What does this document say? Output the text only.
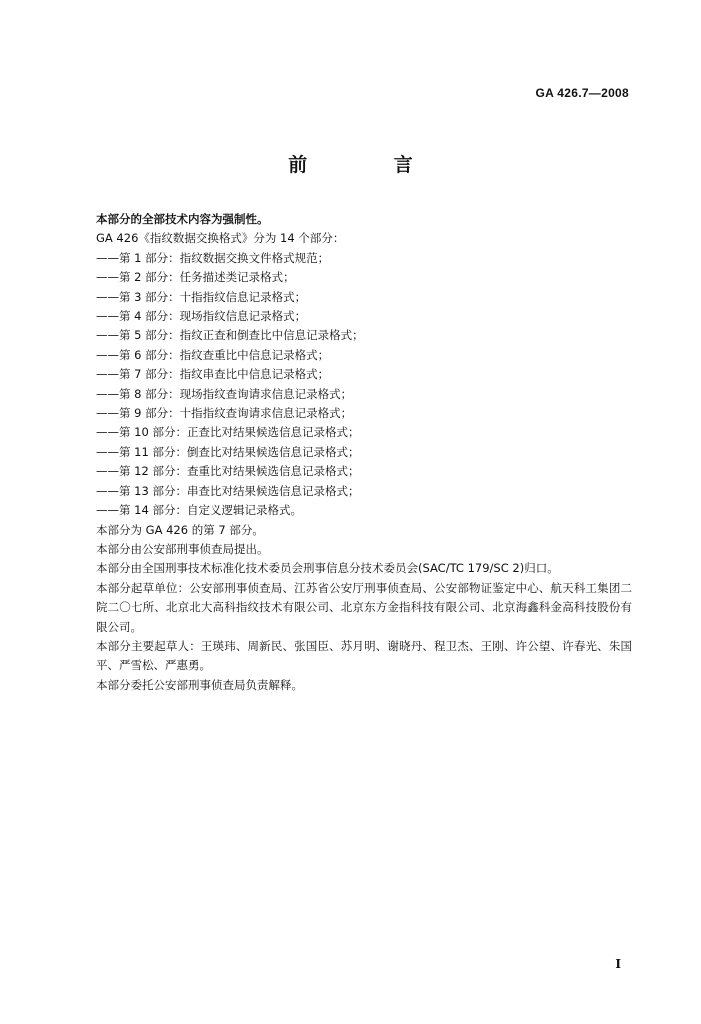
GA 426.7—2008
前 言
本部分的全部技术内容为强制性。
GA 426《指纹数据交换格式》分为 14 个部分：
——第 1 部分：指纹数据交换文件格式规范；
——第 2 部分：任务描述类记录格式；
——第 3 部分：十指指纹信息记录格式；
——第 4 部分：现场指纹信息记录格式；
——第 5 部分：指纹正查和倒查比中信息记录格式；
——第 6 部分：指纹查重比中信息记录格式；
——第 7 部分：指纹串查比中信息记录格式；
——第 8 部分：现场指纹查询请求信息记录格式；
——第 9 部分：十指指纹查询请求信息记录格式；
——第 10 部分：正查比对结果候选信息记录格式；
——第 11 部分：倒查比对结果候选信息记录格式；
——第 12 部分：查重比对结果候选信息记录格式；
——第 13 部分：串查比对结果候选信息记录格式；
——第 14 部分：自定义逻辑记录格式。
本部分为 GA 426 的第 7 部分。
本部分由公安部刑事侦查局提出。
本部分由全国刑事技术标准化技术委员会刑事信息分技术委员会(SAC/TC 179/SC 2)归口。
本部分起草单位：公安部刑事侦查局、江苏省公安厅刑事侦查局、公安部物证鉴定中心、航天科工集团二院二〇七所、北京北大高科指纹技术有限公司、北京东方金指科技有限公司、北京海鑫科金高科技股份有限公司。
本部分主要起草人：王瑛玮、周新民、张国臣、苏月明、谢晓丹、程卫杰、王刚、许公望、许春光、朱国平、严雪松、严惠勇。
本部分委托公安部刑事侦查局负责解释。
I
